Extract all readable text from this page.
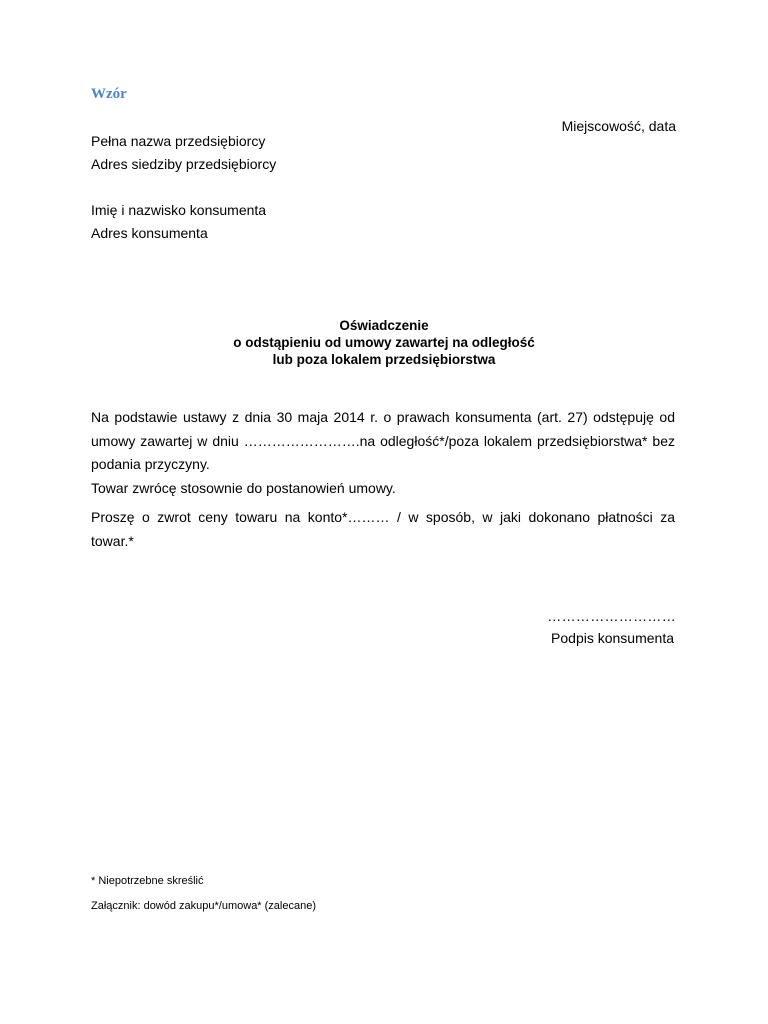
Wzór
Miejscowość, data
Pełna nazwa przedsiębiorcy
Adres siedziby przedsiębiorcy
Imię i nazwisko konsumenta
Adres konsumenta
Oświadczenie
o odstąpieniu od umowy zawartej na odległość
lub poza lokalem przedsiębiorstwa
Na podstawie ustawy z dnia 30 maja 2014 r. o prawach konsumenta (art. 27) odstępuję od
umowy zawartej w dniu …………………….na odległość*/poza lokalem przedsiębiorstwa* bez
podania przyczyny.
Towar zwrócę stosownie do postanowień umowy.
Proszę o zwrot ceny towaru na konto*……… / w sposób, w jaki dokonano płatności za
towar.*
………………………
Podpis konsumenta
* Niepotrzebne skreślić
Załącznik: dowód zakupu*/umowa* (zalecane)
